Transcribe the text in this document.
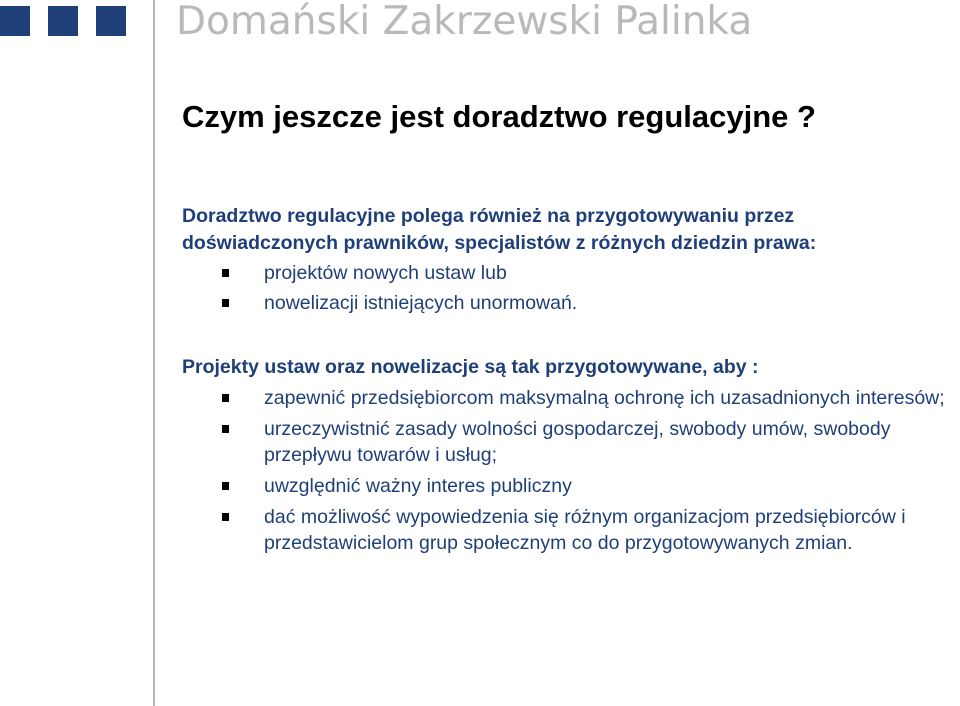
Domański Zakrzewski Palinka
Czym jeszcze jest doradztwo regulacyjne ?
Doradztwo regulacyjne polega również na przygotowywaniu przez
doświadczonych prawników, specjalistów z różnych dziedzin prawa:
projektów nowych ustaw lub
nowelizacji istniejących unormowań.
Projekty ustaw oraz nowelizacje są tak przygotowywane, aby :
zapewnić przedsiębiorcom maksymalną ochronę ich uzasadnionych interesów;
urzeczywistnić zasady wolności gospodarczej, swobody umów, swobody przepływu towarów i usług;
uwzględnić ważny interes publiczny
dać możliwość wypowiedzenia się różnym organizacjom przedsiębiorców i przedstawicielom grup społecznym co do przygotowywanych zmian.
